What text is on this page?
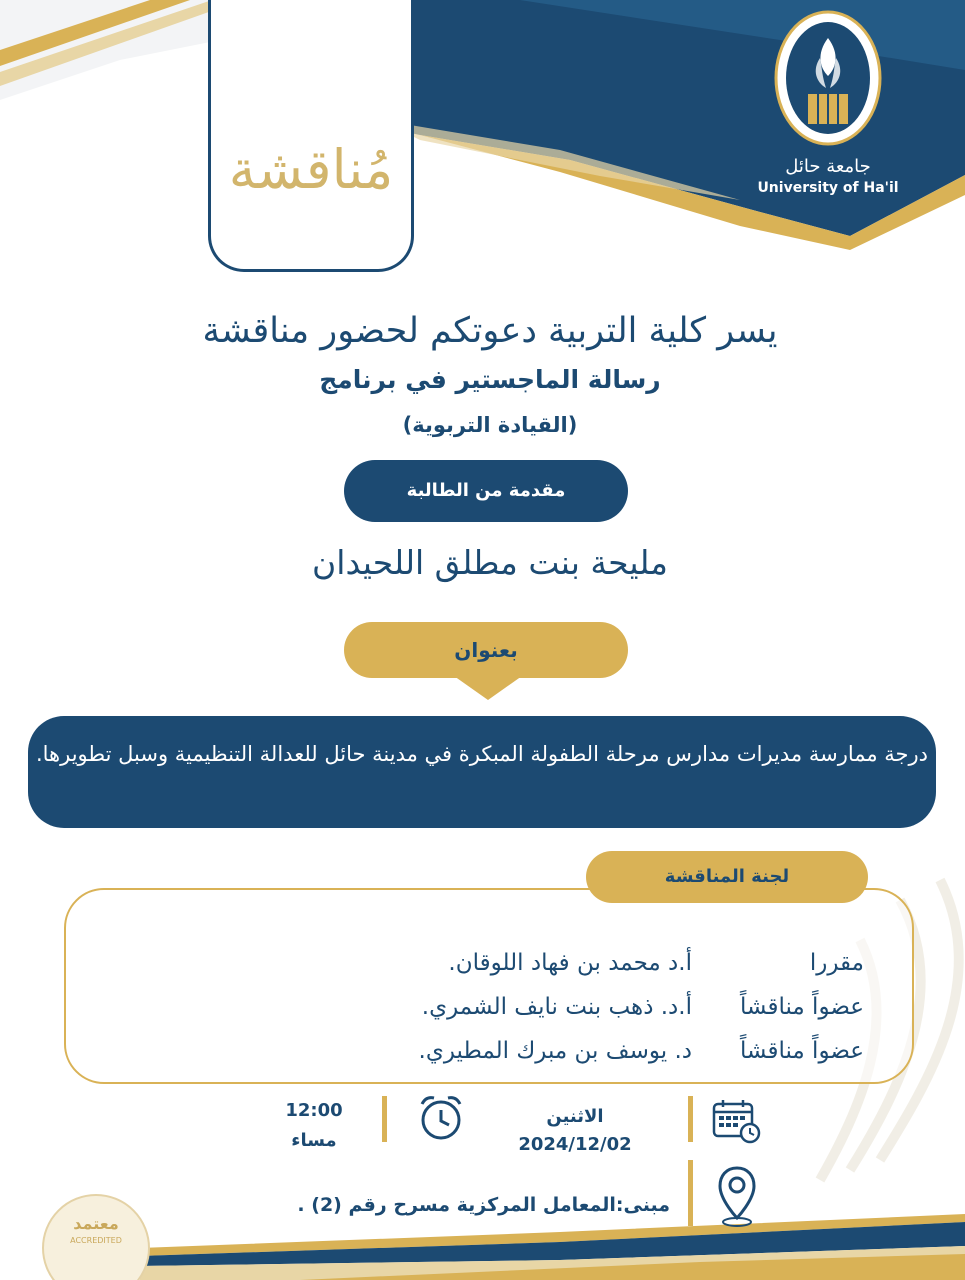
مُناقشة	جامعة حائل
University of Ha'il
يسر كلية التربية دعوتكم لحضور مناقشة
رسالة الماجستير في برنامج
(القيادة التربوية)
مقدمة من الطالبة
مليحة بنت مطلق اللحيدان
بعنوان
درجة ممارسة مديرات مدارس مرحلة الطفولة المبكرة في مدينة حائل للعدالة التنظيمية وسبل تطويرها.
لجنة المناقشة
مقررا
أ.د محمد بن فهاد اللوقان.
عضواً مناقشاً
أ.د. ذهب بنت نايف الشمري.
عضواً مناقشاً
د. يوسف بن مبرك المطيري.
الاثنين
2024/12/02
12:00
مساء
مبنى:المعامل المركزية مسرح رقم (2) .
معتمد
ACCREDITED
